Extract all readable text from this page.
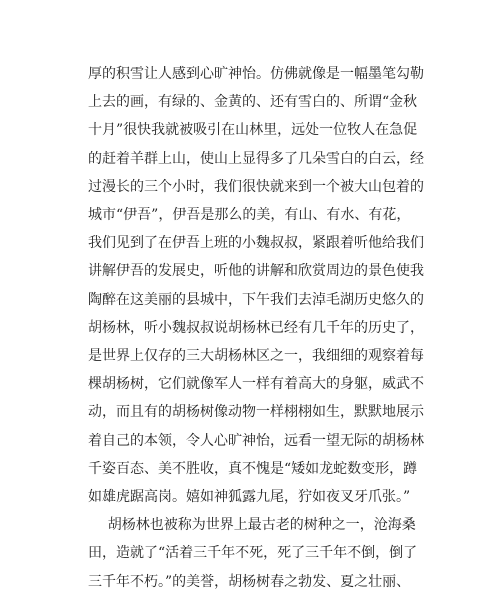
厚的积雪让人感到心旷神怡。仿佛就像是一幅墨笔勾勒
上去的画，有绿的、金黄的、还有雪白的、所谓“金秋
十月”很快我就被吸引在山林里，远处一位牧人在急促
的赶着羊群上山，使山上显得多了几朵雪白的白云，经
过漫长的三个小时，我们很快就来到一个被大山包着的
城市“伊吾”，伊吾是那么的美，有山、有水、有花，
我们见到了在伊吾上班的小魏叔叔，紧跟着听他给我们
讲解伊吾的发展史，听他的讲解和欣赏周边的景色使我
陶醉在这美丽的县城中，下午我们去淖毛湖历史悠久的
胡杨林，听小魏叔叔说胡杨林已经有几千年的历史了，
是世界上仅存的三大胡杨林区之一，我细细的观察着每
棵胡杨树，它们就像军人一样有着高大的身躯，威武不
动，而且有的胡杨树像动物一样栩栩如生，默默地展示
着自己的本领，令人心旷神怡，远看一望无际的胡杨林
千姿百态、美不胜收，真不愧是“矮如龙蛇数变形，蹲
如雄虎踞高岗。嬉如神狐露九尾，狞如夜叉牙爪张。”
胡杨林也被称为世界上最古老的树种之一，沧海桑
田，造就了“活着三千年不死，死了三千年不倒，倒了
三千年不朽。”的美誉，胡杨树春之勃发、夏之壮丽、
